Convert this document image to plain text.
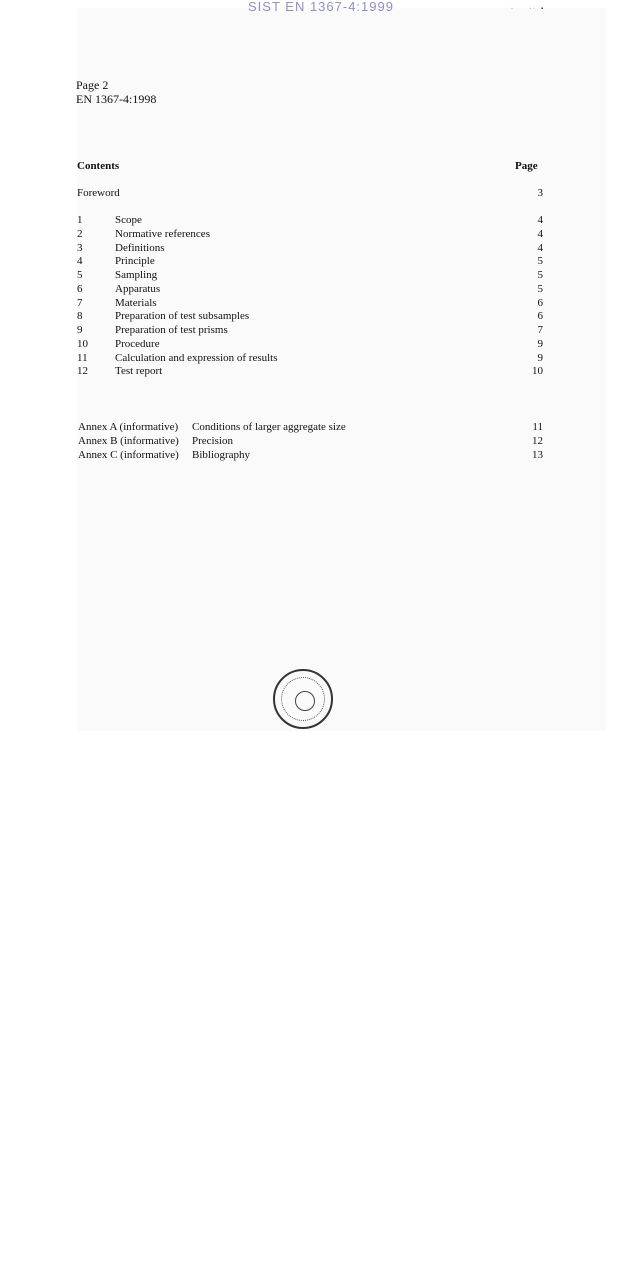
SIST EN 1367-4:1999	·           · ·    ▪
Page 2
EN 1367-4:1998
Contents	Page
Foreword	3
1	Scope	4
2	Normative references	4
3	Definitions	4
4	Principle	5
5	Sampling	5
6	Apparatus	5
7	Materials	6
8	Preparation of test subsamples	6
9	Preparation of test prisms	7
10	Procedure	9
11	Calculation and expression of results	9
12	Test report	10
Annex A (informative) Conditions of larger aggregate size	11
Annex B (informative) Precision	12
Annex C (informative) Bibliography	13
